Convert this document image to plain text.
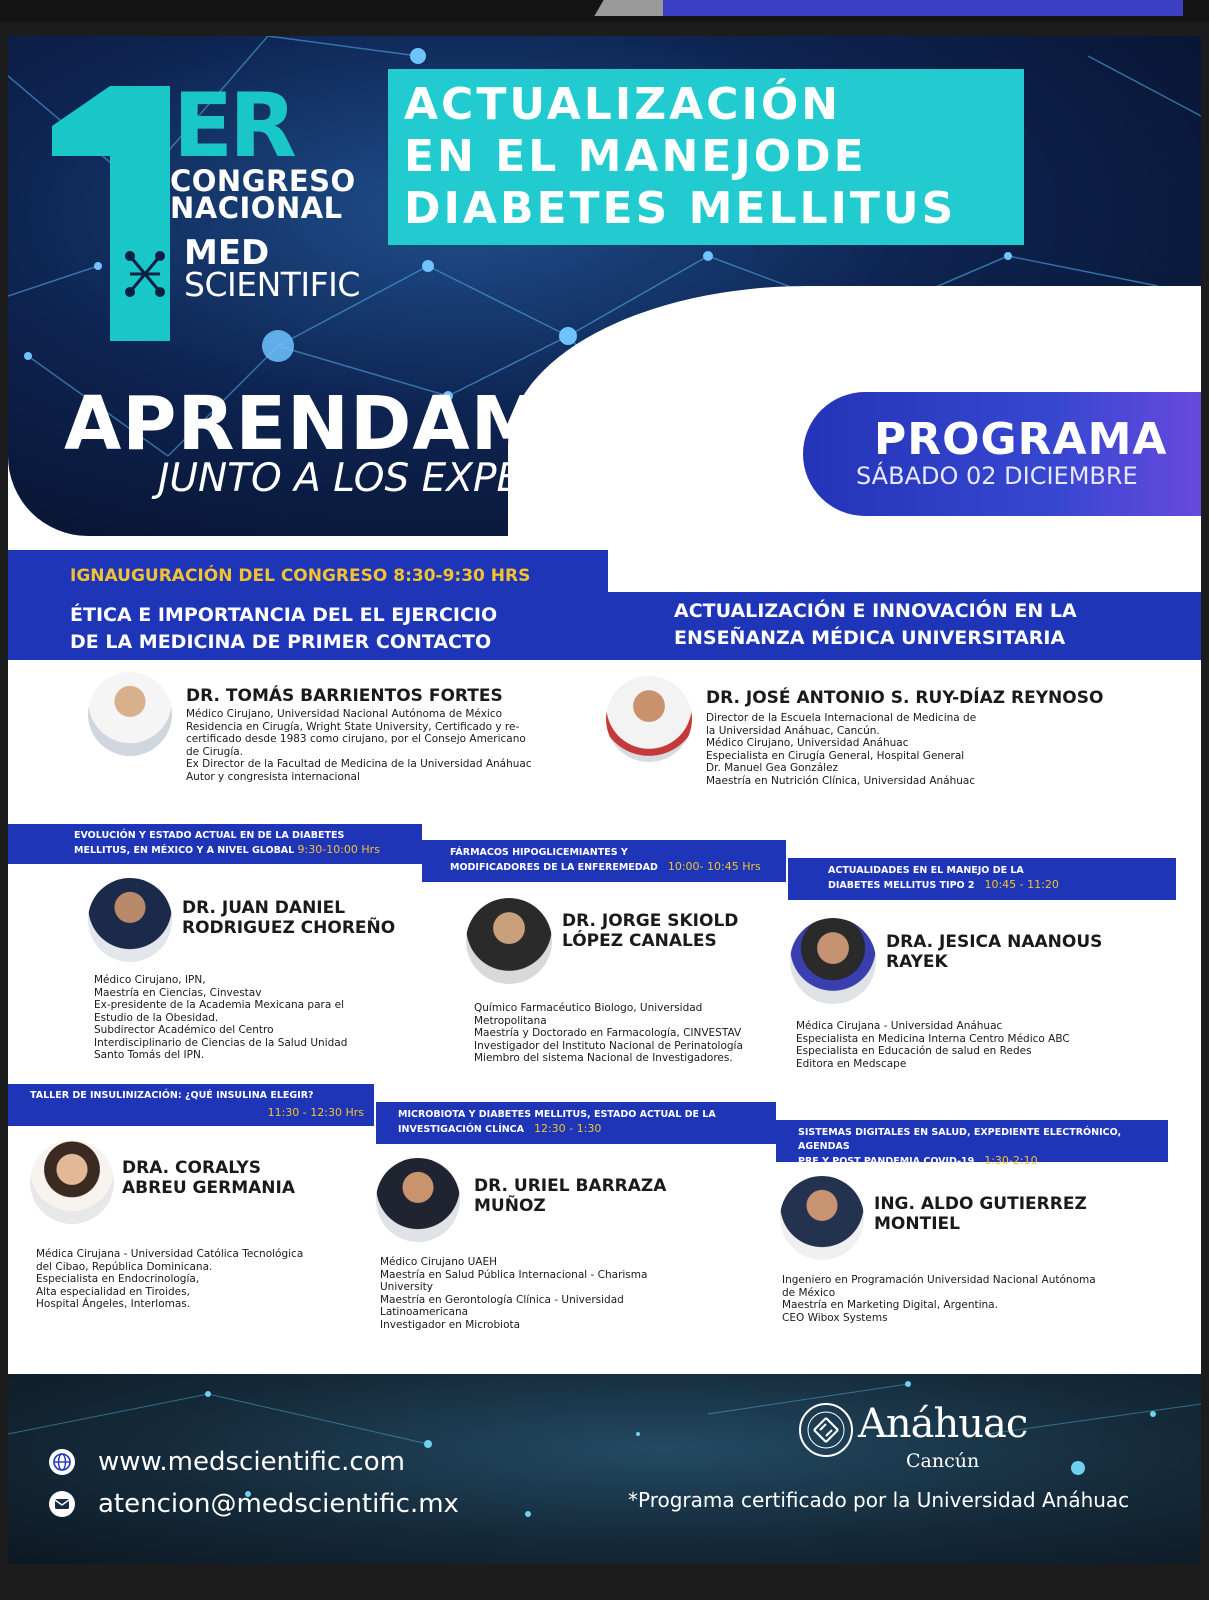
ER
CONGRESO
NACIONAL
MED
SCIENTIFIC
ACTUALIZACIÓN
EN EL MANEJODE
DIABETES MELLITUS
APRENDAMOS
JUNTO A LOS EXPERTOS
PROGRAMA
SÁBADO 02 DICIEMBRE
IGNAUGURACIÓN DEL CONGRESO 8:30-9:30 HRS
ÉTICA E IMPORTANCIA DEL EL EJERCICIO
DE LA MEDICINA DE PRIMER CONTACTO
ACTUALIZACIÓN E INNOVACIÓN EN LA
ENSEÑANZA MÉDICA UNIVERSITARIA
DR. TOMÁS BARRIENTOS FORTES
Médico Cirujano, Universidad Nacional Autónoma de México
Residencia en Cirugía, Wright State University, Certificado y re-
certificado desde 1983 como cirujano, por el Consejo Americano
de Cirugía.
Ex Director de la Facultad de Medicina de la Universidad Anáhuac
Autor y congresista internacional
DR. JOSÉ ANTONIO S. RUY-DÍAZ REYNOSO
Director de la Escuela Internacional de Medicina de
la Universidad Anáhuac, Cancún.
Médico Cirujano, Universidad Anáhuac
Especialista en Cirugía General, Hospital General
Dr. Manuel Gea González
Maestría en Nutrición Clínica, Universidad Anáhuac
EVOLUCIÓN Y ESTADO ACTUAL EN DE LA DIABETES
MELLITUS, EN MÉXICO Y A NIVEL GLOBAL 9:30-10:00 Hrs	FÁRMACOS HIPOGLICEMIANTES Y
MODIFICADORES DE LA ENFEREMEDAD 10:00- 10:45 Hrs	ACTUALIDADES EN EL MANEJO DE LA
DIABETES MELLITUS TIPO 2 10:45 - 11:20
DR. JUAN DANIEL
RODRIGUEZ CHOREÑO
Médico Cirujano, IPN,
Maestría en Ciencias, Cinvestav
Ex-presidente de la Academia Mexicana para el
Estudio de la Obesidad.
Subdirector Académico del Centro
Interdisciplinario de Ciencias de la Salud Unidad
Santo Tomás del IPN.
DR. JORGE SKIOLD
LÓPEZ CANALES
Químico Farmacéutico Biologo, Universidad
Metropolitana
Maestría y Doctorado en Farmacología, CINVESTAV
Investigador del Instituto Nacional de Perinatología
Miembro del sistema Nacional de Investigadores.
DRA. JESICA NAANOUS
RAYEK
Médica Cirujana - Universidad Anáhuac
Especialista en Medicina Interna Centro Médico ABC
Especialista en Educación de salud en Redes
Editora en Medscape
TALLER DE INSULINIZACIÓN: ¿QUÉ INSULINA ELEGIR?
11:30 - 12:30 Hrs	MICROBIOTA Y DIABETES MELLITUS, ESTADO ACTUAL DE LA
INVESTIGACIÓN CLÍNCA 12:30 - 1:30	SISTEMAS DIGITALES EN SALUD, EXPEDIENTE ELECTRÓNICO, AGENDAS
PRE Y POST PANDEMIA COVID-19 1:30-2:10
DRA. CORALYS
ABREU GERMANIA
Médica Cirujana - Universidad Católica Tecnológica
del Cibao, República Dominicana.
Especialista en Endocrinología,
Alta especialidad en Tiroides,
Hospital Ángeles, Interlomas.
DR. URIEL BARRAZA
MUÑOZ
Médico Cirujano UAEH
Maestría en Salud Pública Internacional - Charisma
University
Maestría en Gerontología Clínica - Universidad
Latinoamericana
Investigador en Microbiota
ING. ALDO GUTIERREZ
MONTIEL
Ingeniero en Programación Universidad Nacional Autónoma
de México
Maestría en Marketing Digital, Argentina.
CEO Wibox Systems
www.medscientific.com
atencion@medscientific.mx
Anáhuac
Cancún
*Programa certificado por la Universidad Anáhuac
